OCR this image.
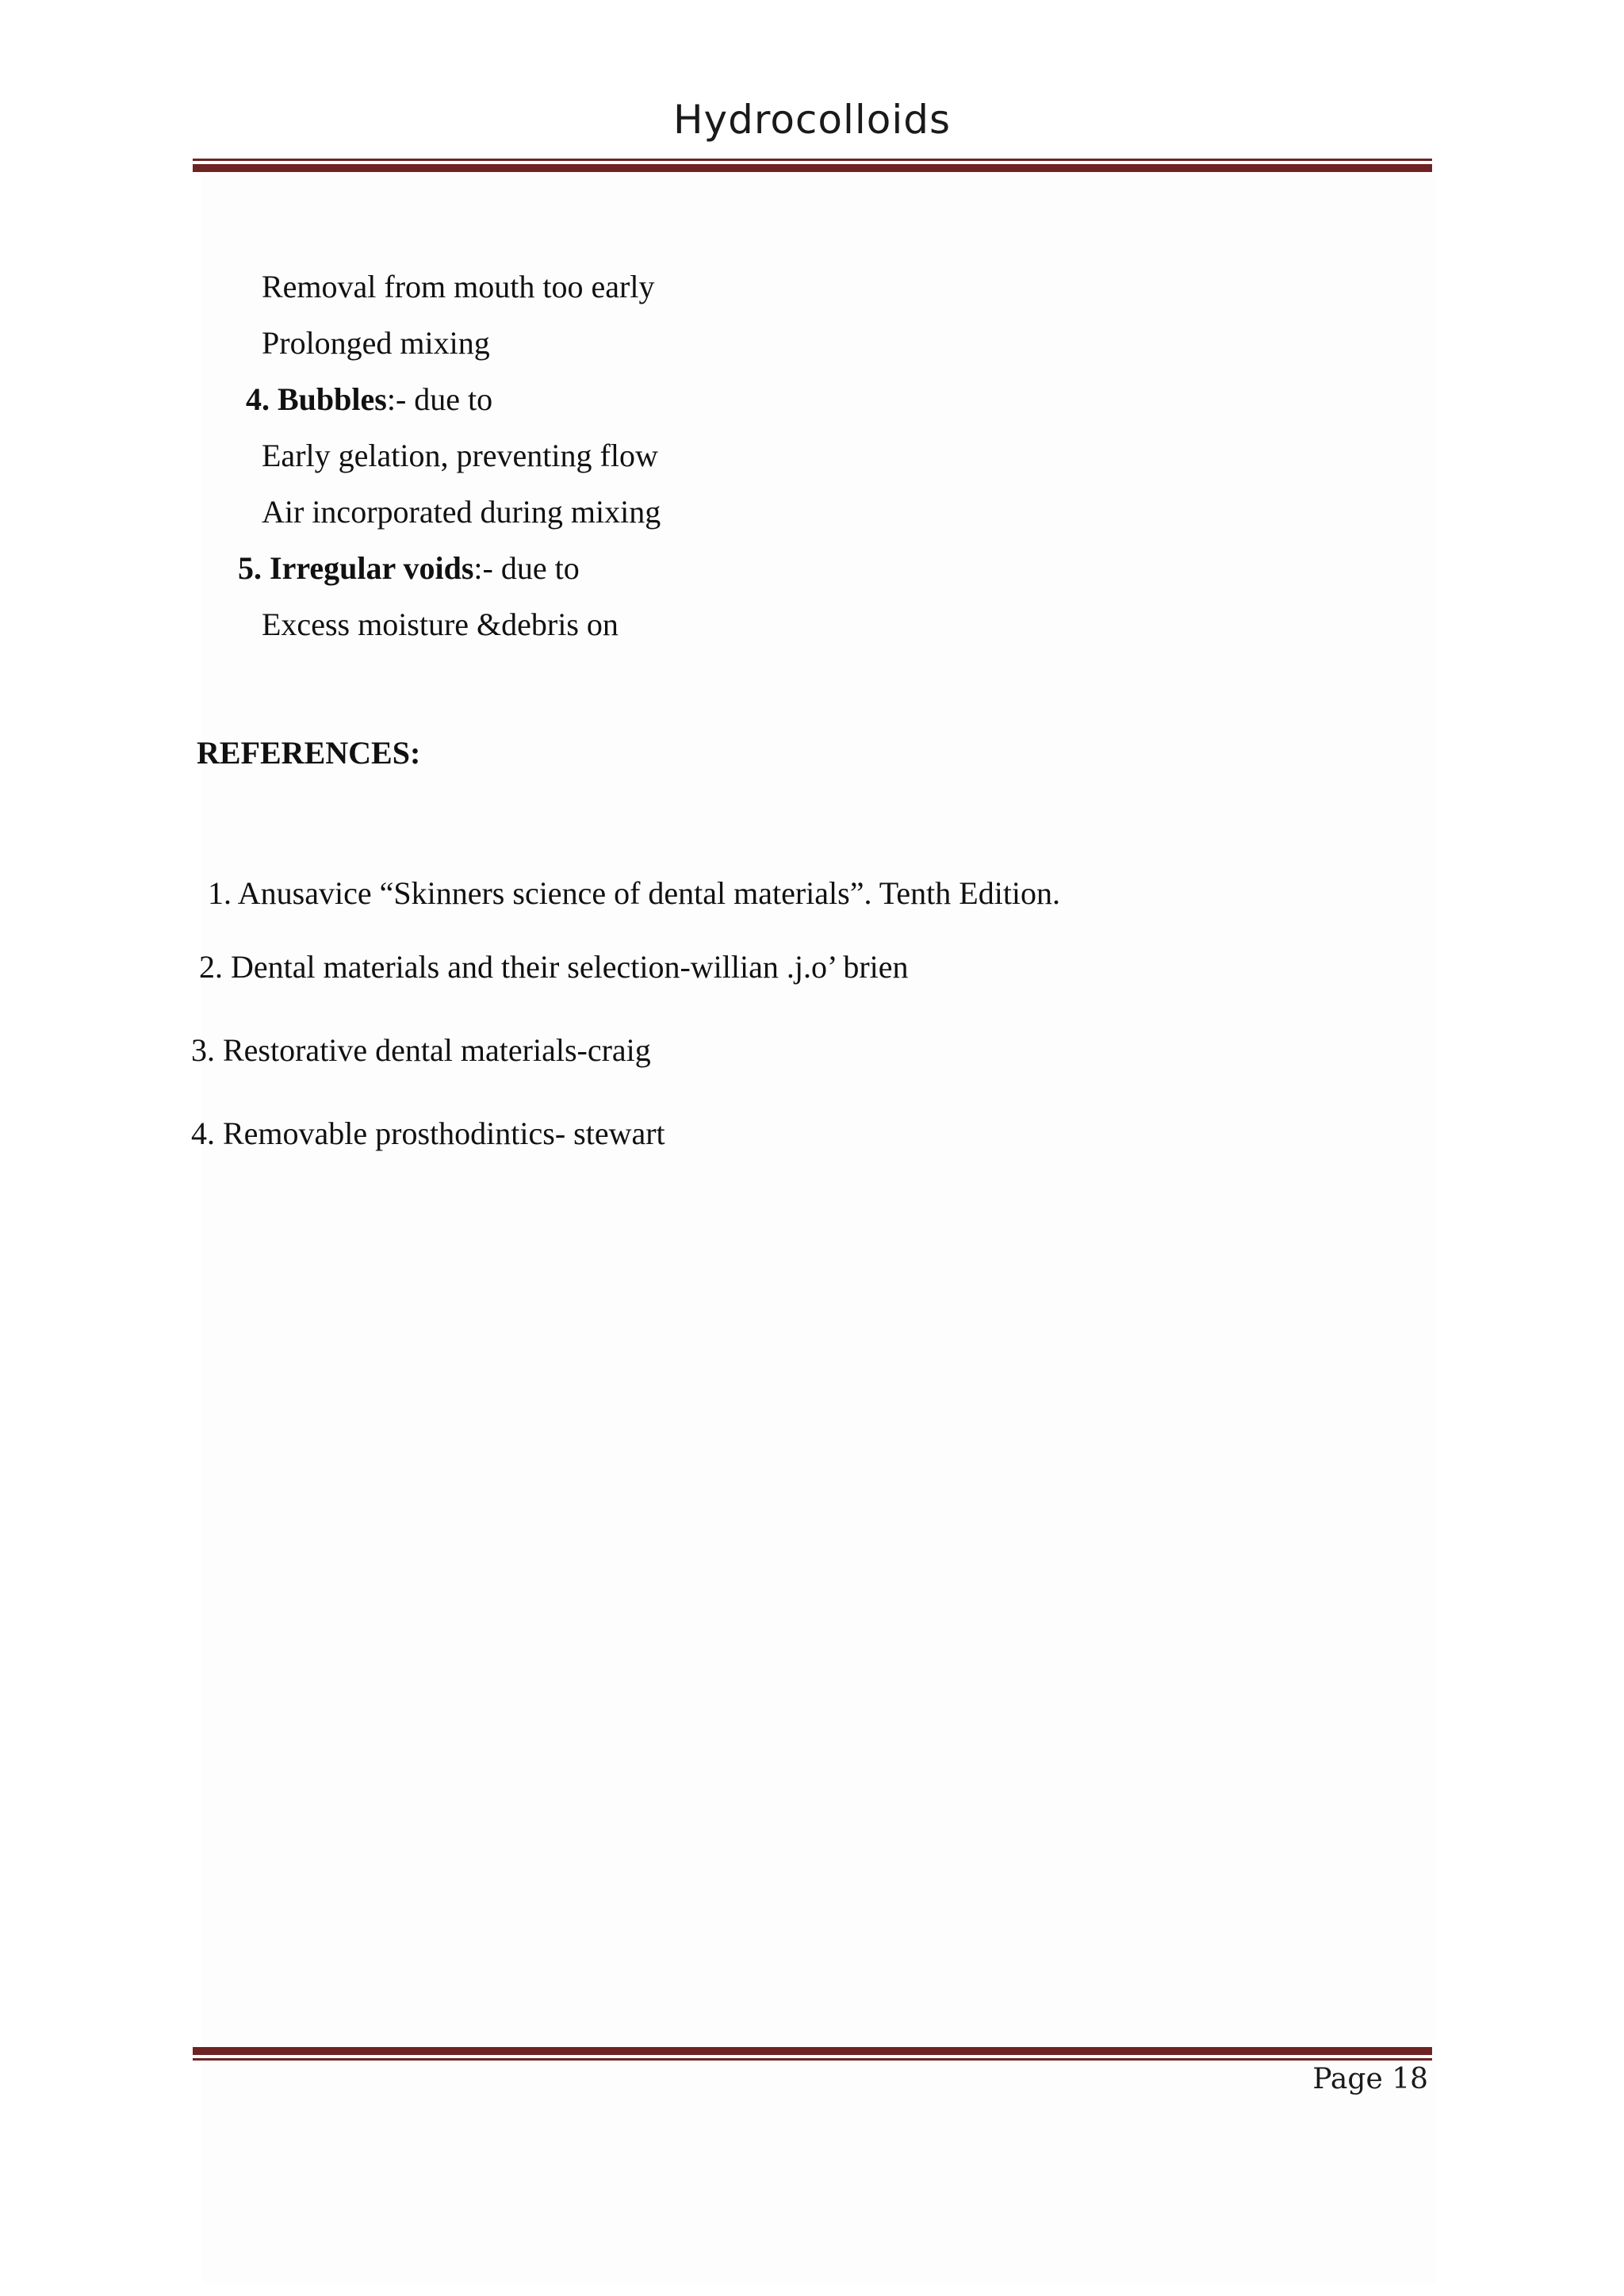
Hydrocolloids
Removal from mouth too early
Prolonged mixing
4. Bubbles:- due to
Early gelation, preventing flow
Air incorporated during mixing
5. Irregular voids:- due to
Excess moisture &debris on
REFERENCES:
1. Anusavice “Skinners science of dental materials”. Tenth Edition.
2. Dental materials and their selection-willian .j.o’ brien
3. Restorative dental materials-craig
4. Removable prosthodintics- stewart
Page 18
